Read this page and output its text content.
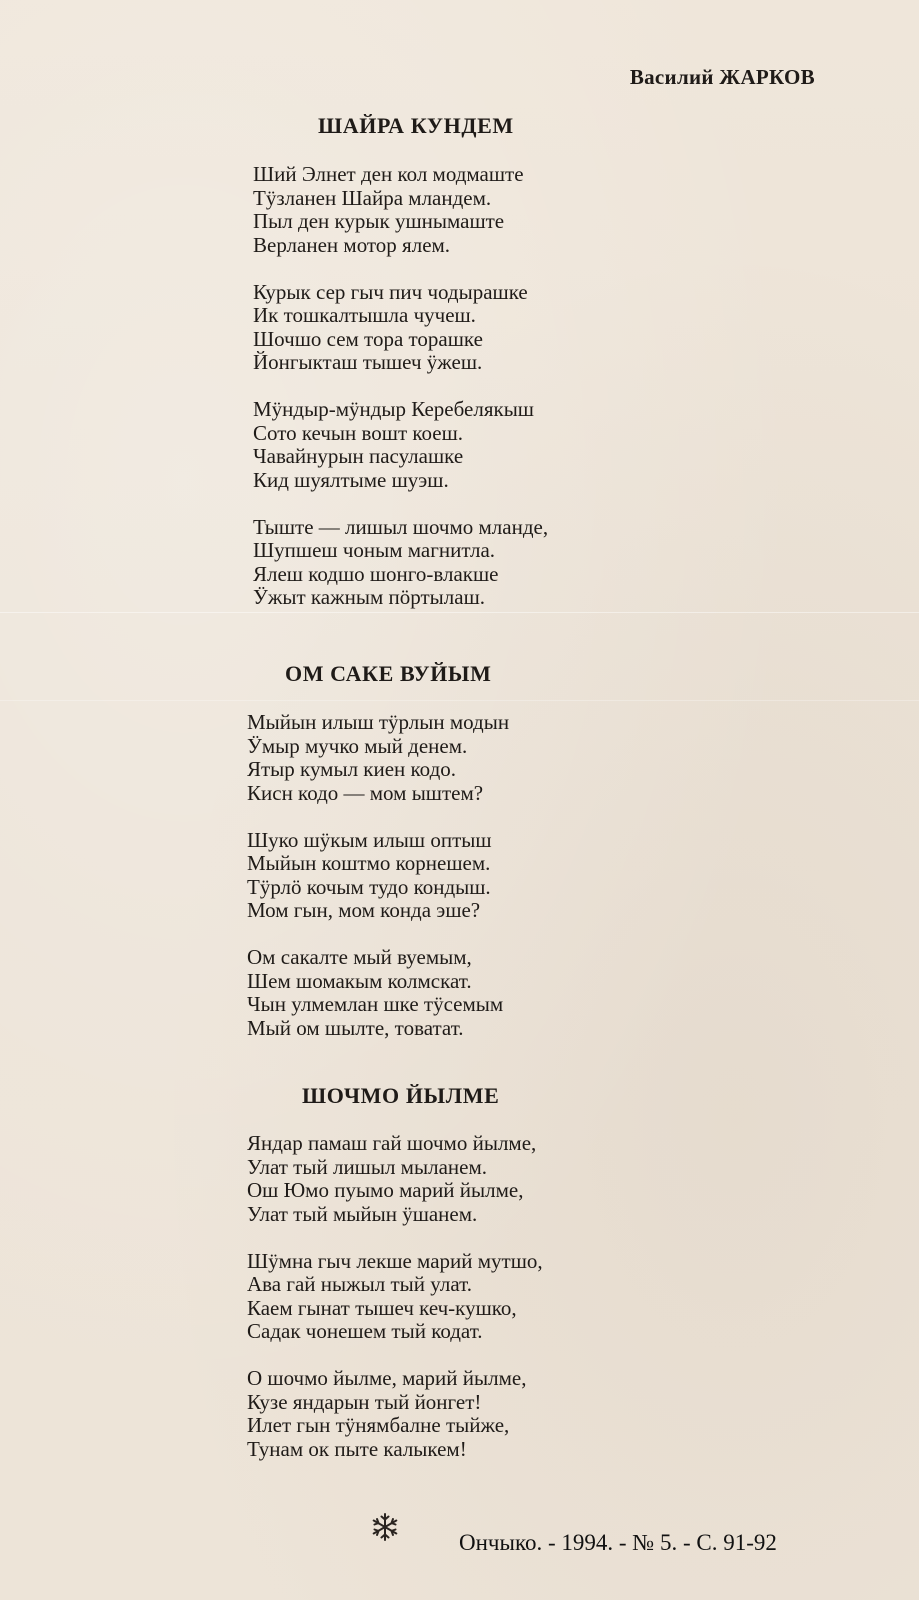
Василий ЖАРКОВ
ШАЙРА КУНДЕМ
Ший Элнет ден кол модмаште
Тӱзланен Шайра млaндем.
Пыл ден курык ушнымаште
Верланен мотор ялем.
Курык сер гыч пич чодырашке
Ик тошкалтышла чучеш.
Шочшо сем тора торашке
Йонгыкташ тышеч ӱжеш.
Мӱндыр-мӱндыр Керебелякыш
Сото кечын вошт коеш.
Чавайнурын пасулашке
Кид шуялтыме шуэш.
Тыште — лишыл шочмо мланде,
Шупшеш чоным магнитла.
Ялеш кодшо шонго-влакше
Ӱжыт кажным пӧртылаш.
ОМ САКЕ ВУЙЫМ
Мыйын илыш тӱрлын модын
Ӱмыр мучко мый денем.
Ятыр кумыл киен кодо.
Кисн кодо — мом ыштем?
Шуко шӱкым илыш оптыш
Мыйын коштмо корнешем.
Тӱрлӧ кочым тудо кондыш.
Мом гын, мом конда эше?
Ом сакалте мый вуемым,
Шем шомакым колмскат.
Чын улмемлан шке тӱсемым
Мый ом шылте, товатат.
ШОЧМО ЙЫЛМЕ
Яндар памаш гай шочмо йылме,
Улат тый лишыл мыланем.
Ош Юмо пуымо марий йылме,
Улат тый мыйын ӱшанем.
Шӱмна гыч лекше марий мутшо,
Ава гай ныжыл тый улат.
Каем гынат тышеч кеч-кушко,
Садак чонешем тый кодат.
О шочмо йылме, марий йылме,
Кузе яндарын тый йонгет!
Илет гын тӱнямбалне тыйже,
Тунам ок пыте калыкем!
Ончыко. - 1994. - № 5. - С. 91-92
